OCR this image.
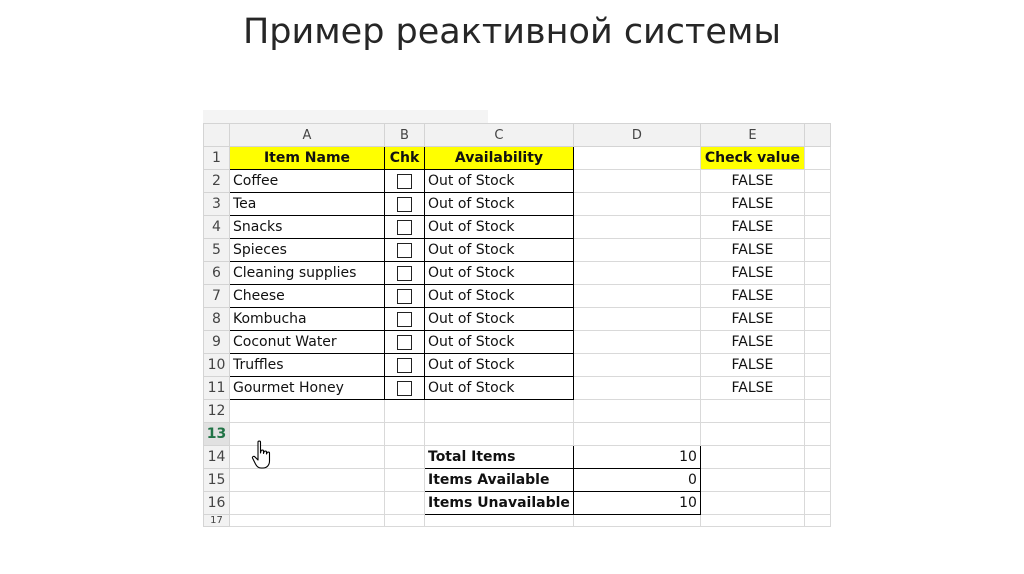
Пример реактивной системы
	A	B	C	D	E	
1	Item Name	Chk	Availability		Check value	
2	Coffee		Out of Stock		FALSE	
3	Tea		Out of Stock		FALSE	
4	Snacks		Out of Stock		FALSE	
5	Spieces		Out of Stock		FALSE	
6	Cleaning supplies		Out of Stock		FALSE	
7	Cheese		Out of Stock		FALSE	
8	Kombucha		Out of Stock		FALSE	
9	Coconut Water		Out of Stock		FALSE	
10	Truffles		Out of Stock		FALSE	
11	Gourmet Honey		Out of Stock		FALSE	
12						
13						
14			Total Items	10		
15			Items Available	0		
16			Items Unavailable	10		
17						
